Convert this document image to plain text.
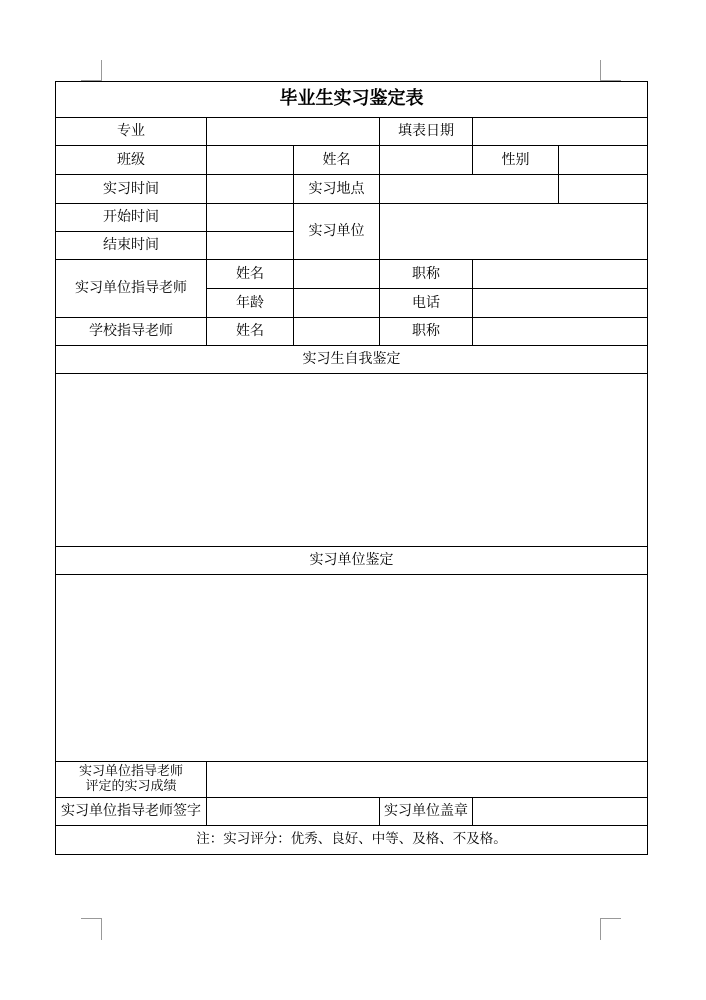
毕业生实习鉴定表					
专业			填表日期		
班级		姓名		性别	
实习时间		实习地点			
开始时间		实习单位			
结束时间					
实习单位指导老师	姓名		职称		
	年龄		电话		
学校指导老师	姓名		职称		
实习生自我鉴定					

实习单位鉴定					

实习单位指导老师
评定的实习成绩					

实习单位指导老师签字			实习单位盖章		
注：实习评分：优秀、良好、中等、及格、不及格。					
